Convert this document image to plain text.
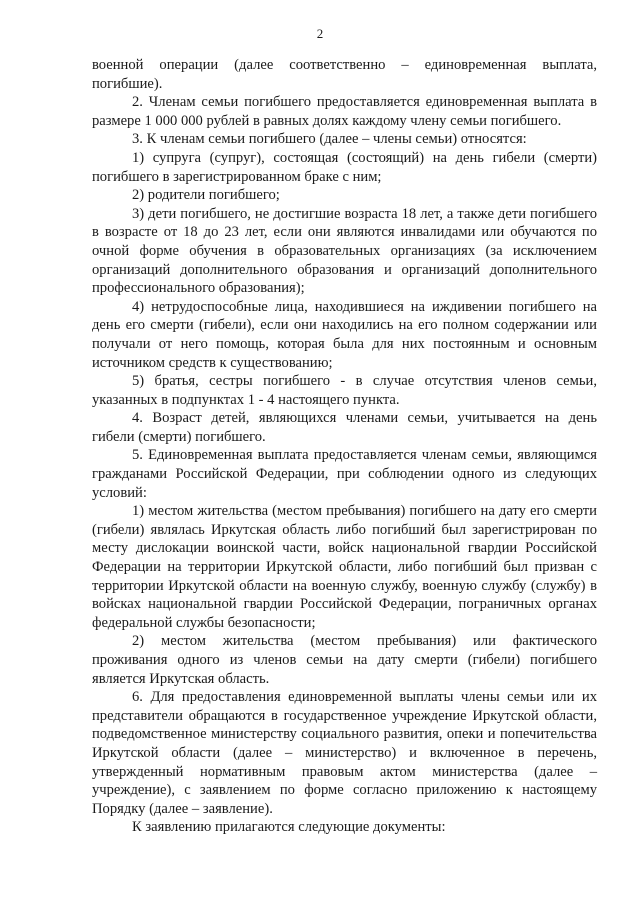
2

военной операции (далее соответственно – единовременная выплата, погибшие).

2. Членам семьи погибшего предоставляется единовременная выплата в размере 1 000 000 рублей в равных долях каждому члену семьи погибшего.

3. К членам семьи погибшего (далее – члены семьи) относятся:

1) супруга (супруг), состоящая (состоящий) на день гибели (смерти) погибшего в зарегистрированном браке с ним;

2) родители погибшего;

3) дети погибшего, не достигшие возраста 18 лет, а также дети погибшего в возрасте от 18 до 23 лет, если они являются инвалидами или обучаются по очной форме обучения в образовательных организациях (за исключением организаций дополнительного образования и организаций дополнительного профессионального образования);

4) нетрудоспособные лица, находившиеся на иждивении погибшего на день его смерти (гибели), если они находились на его полном содержании или получали от него помощь, которая была для них постоянным и основным источником средств к существованию;

5) братья, сестры погибшего - в случае отсутствия членов семьи, указанных в подпунктах 1 - 4 настоящего пункта.

4. Возраст детей, являющихся членами семьи, учитывается на день гибели (смерти) погибшего.

5. Единовременная выплата предоставляется членам семьи, являющимся гражданами Российской Федерации, при соблюдении одного из следующих условий:

1) местом жительства (местом пребывания) погибшего на дату его смерти (гибели) являлась Иркутская область либо погибший был зарегистрирован по месту дислокации воинской части, войск национальной гвардии Российской Федерации на территории Иркутской области, либо погибший был призван с территории Иркутской области на военную службу, военную службу (службу) в войсках национальной гвардии Российской Федерации, пограничных органах федеральной службы безопасности;

2) местом жительства (местом пребывания) или фактического проживания одного из членов семьи на дату смерти (гибели) погибшего является Иркутская область.

6. Для предоставления единовременной выплаты члены семьи или их представители обращаются в государственное учреждение Иркутской области, подведомственное министерству социального развития, опеки и попечительства Иркутской области (далее – министерство) и включенное в перечень, утвержденный нормативным правовым актом министерства (далее – учреждение), с заявлением по форме согласно приложению к настоящему Порядку (далее – заявление).

К заявлению прилагаются следующие документы:
